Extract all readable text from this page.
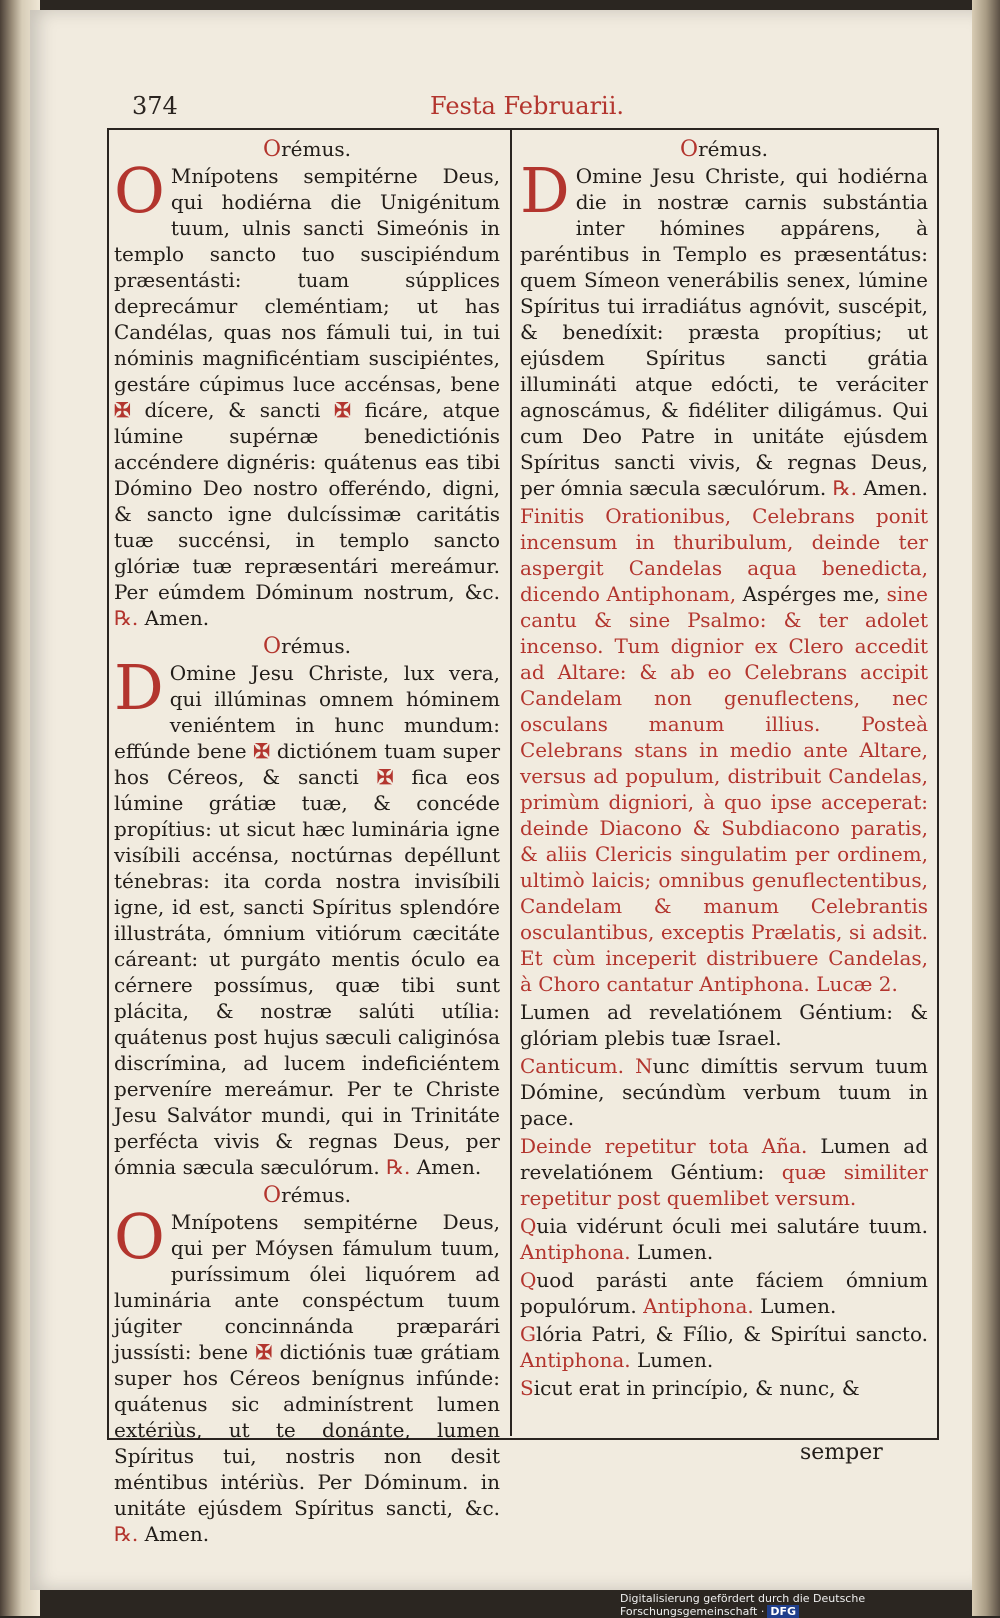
374	Festa Februarii.

Orémus.

O Mnípotens sempitérne Deus, qui hodiérna die Unigénitum tuum, ulnis sancti Simeónis in templo sancto tuo suscipiéndum præsentásti: tuam súpplices deprecámur cleméntiam; ut has Candélas, quas nos fámuli tui, in tui nóminis magnificéntiam suscipiéntes, gestáre cúpimus luce accénsas, bene ✠ dícere, & sancti ✠ ficáre, atque lúmine supérnæ benedictiónis accéndere dignéris: quátenus eas tibi Dómino Deo nostro offeréndo, digni, & sancto igne dulcíssimæ caritátis tuæ succénsi, in templo sancto glóriæ tuæ repræsentári mereámur. Per eúmdem Dóminum nostrum, &c. ℞. Amen.

Orémus.

D Omine Jesu Christe, lux vera, qui illúminas omnem hóminem veniéntem in hunc mundum: effúnde bene ✠ dictiónem tuam super hos Céreos, & sancti ✠ fica eos lúmine grátiæ tuæ, & concéde propítius: ut sicut hæc luminária igne visíbili accénsa, noctúrnas depéllunt ténebras: ita corda nostra invisíbili igne, id est, sancti Spíritus splendóre illustráta, ómnium vitiórum cæcitáte cáreant: ut purgáto mentis óculo ea cérnere possímus, quæ tibi sunt plácita, & nostræ salúti utília: quátenus post hujus sæculi caliginósa discrímina, ad lucem indeficiéntem perveníre mereámur. Per te Christe Jesu Salvátor mundi, qui in Trinitáte perfécta vivis & regnas Deus, per ómnia sæcula sæculórum. ℞. Amen.

Orémus.

O Mnípotens sempitérne Deus, qui per Móysen fámulum tuum, puríssimum ólei liquórem ad luminária ante conspéctum tuum júgiter concinnánda præparári jussísti: bene ✠ dictiónis tuæ grátiam super hos Céreos benígnus infúnde: quátenus sic adminístrent lumen extériùs, ut te donánte, lumen Spíritus tui, nostris non desit méntibus intériùs. Per Dóminum. in unitáte ejúsdem Spíritus sancti, &c. ℞. Amen.

Orémus.

D Omine Jesu Christe, qui hodiérna die in nostræ carnis substántia inter hómines appárens, à paréntibus in Templo es præsentátus: quem Símeon venerábilis senex, lúmine Spíritus tui irradiátus agnóvit, suscépit, & benedíxit: præsta propítius; ut ejúsdem Spíritus sancti grátia illumináti atque edócti, te veráciter agnoscámus, & fidéliter diligámus. Qui cum Deo Patre in unitáte ejúsdem Spíritus sancti vivis, & regnas Deus, per ómnia sæcula sæculórum. ℞. Amen.

Finitis Orationibus, Celebrans ponit incensum in thuribulum, deinde ter aspergit Candelas aqua benedicta, dicendo Antiphonam, Aspérges me, sine cantu & sine Psalmo: & ter adolet incenso. Tum dignior ex Clero accedit ad Altare: & ab eo Celebrans accipit Candelam non genuflectens, nec osculans manum illius. Posteà Celebrans stans in medio ante Altare, versus ad populum, distribuit Candelas, primùm digniori, à quo ipse acceperat: deinde Diacono & Subdiacono paratis, & aliis Clericis singulatim per ordinem, ultimò laicis; omnibus genuflectentibus, Candelam & manum Celebrantis osculantibus, exceptis Prælatis, si adsit. Et cùm inceperit distribuere Candelas, à Choro cantatur Antiphona. Lucæ 2.

Lumen ad revelatiónem Géntium: & glóriam plebis tuæ Israel.

Canticum. Nunc dimíttis servum tuum Dómine, secúndùm verbum tuum in pace.

Deinde repetitur tota Aña. Lumen ad revelatiónem Géntium: quæ similiter repetitur post quemlibet versum.

Quia vidérunt óculi mei salutáre tuum. Antiphona. Lumen.

Quod parásti ante fáciem ómnium populórum. Antiphona. Lumen.

Glória Patri, & Fílio, & Spirítui sancto. Antiphona. Lumen.

Sicut erat in princípio, & nunc, &

semper
Digitalisierung gefördert durch die Deutsche Forschungsgemeinschaft · DFG
